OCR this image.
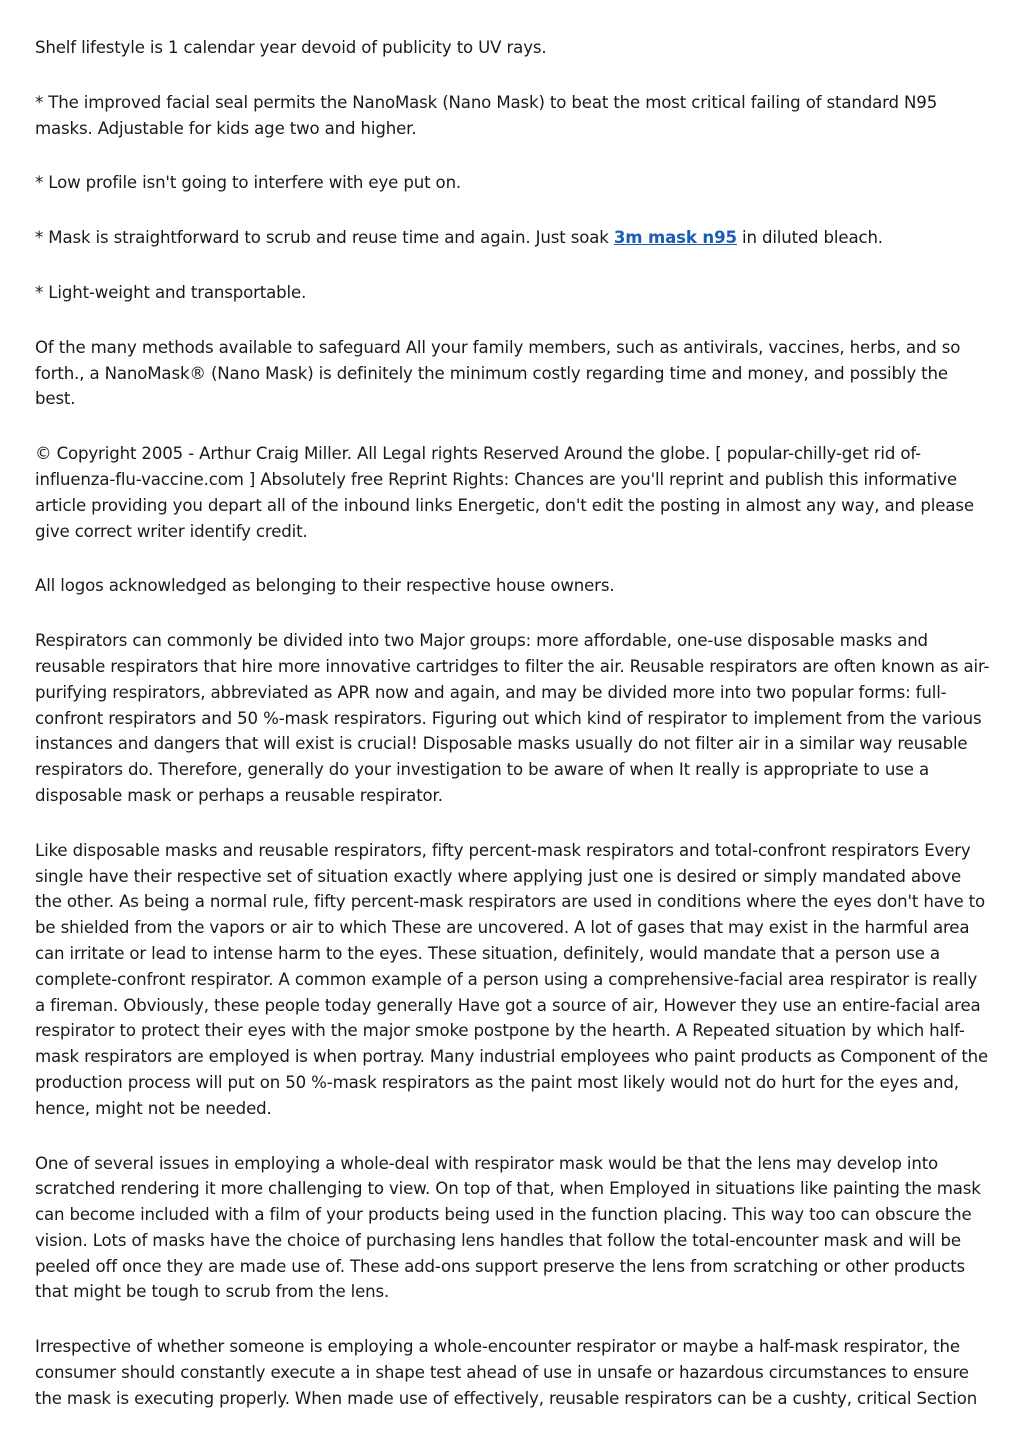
Shelf lifestyle is 1 calendar year devoid of publicity to UV rays.

* The improved facial seal permits the NanoMask (Nano Mask) to beat the most critical failing of standard N95 masks. Adjustable for kids age two and higher.

* Low profile isn't going to interfere with eye put on.

* Mask is straightforward to scrub and reuse time and again. Just soak 3m mask n95 in diluted bleach.

* Light-weight and transportable.

Of the many methods available to safeguard All your family members, such as antivirals, vaccines, herbs, and so forth., a NanoMask® (Nano Mask) is definitely the minimum costly regarding time and money, and possibly the best.

© Copyright 2005 - Arthur Craig Miller. All Legal rights Reserved Around the globe. [ popular-chilly-get rid of-influenza-flu-vaccine.com ] Absolutely free Reprint Rights: Chances are you'll reprint and publish this informative article providing you depart all of the inbound links Energetic, don't edit the posting in almost any way, and please give correct writer identify credit.

All logos acknowledged as belonging to their respective house owners.

Respirators can commonly be divided into two Major groups: more affordable, one-use disposable masks and reusable respirators that hire more innovative cartridges to filter the air. Reusable respirators are often known as air-purifying respirators, abbreviated as APR now and again, and may be divided more into two popular forms: full-confront respirators and 50 %-mask respirators. Figuring out which kind of respirator to implement from the various instances and dangers that will exist is crucial! Disposable masks usually do not filter air in a similar way reusable respirators do. Therefore, generally do your investigation to be aware of when It really is appropriate to use a disposable mask or perhaps a reusable respirator.

Like disposable masks and reusable respirators, fifty percent-mask respirators and total-confront respirators Every single have their respective set of situation exactly where applying just one is desired or simply mandated above the other. As being a normal rule, fifty percent-mask respirators are used in conditions where the eyes don't have to be shielded from the vapors or air to which These are uncovered. A lot of gases that may exist in the harmful area can irritate or lead to intense harm to the eyes. These situation, definitely, would mandate that a person use a complete-confront respirator. A common example of a person using a comprehensive-facial area respirator is really a fireman. Obviously, these people today generally Have got a source of air, However they use an entire-facial area respirator to protect their eyes with the major smoke postpone by the hearth. A Repeated situation by which half-mask respirators are employed is when portray. Many industrial employees who paint products as Component of the production process will put on 50 %-mask respirators as the paint most likely would not do hurt for the eyes and, hence, might not be needed.

One of several issues in employing a whole-deal with respirator mask would be that the lens may develop into scratched rendering it more challenging to view. On top of that, when Employed in situations like painting the mask can become included with a film of your products being used in the function placing. This way too can obscure the vision. Lots of masks have the choice of purchasing lens handles that follow the total-encounter mask and will be peeled off once they are made use of. These add-ons support preserve the lens from scratching or other products that might be tough to scrub from the lens.

Irrespective of whether someone is employing a whole-encounter respirator or maybe a half-mask respirator, the consumer should constantly execute a in shape test ahead of use in unsafe or hazardous circumstances to ensure the mask is executing properly. When made use of effectively, reusable respirators can be a cushty, critical Section
